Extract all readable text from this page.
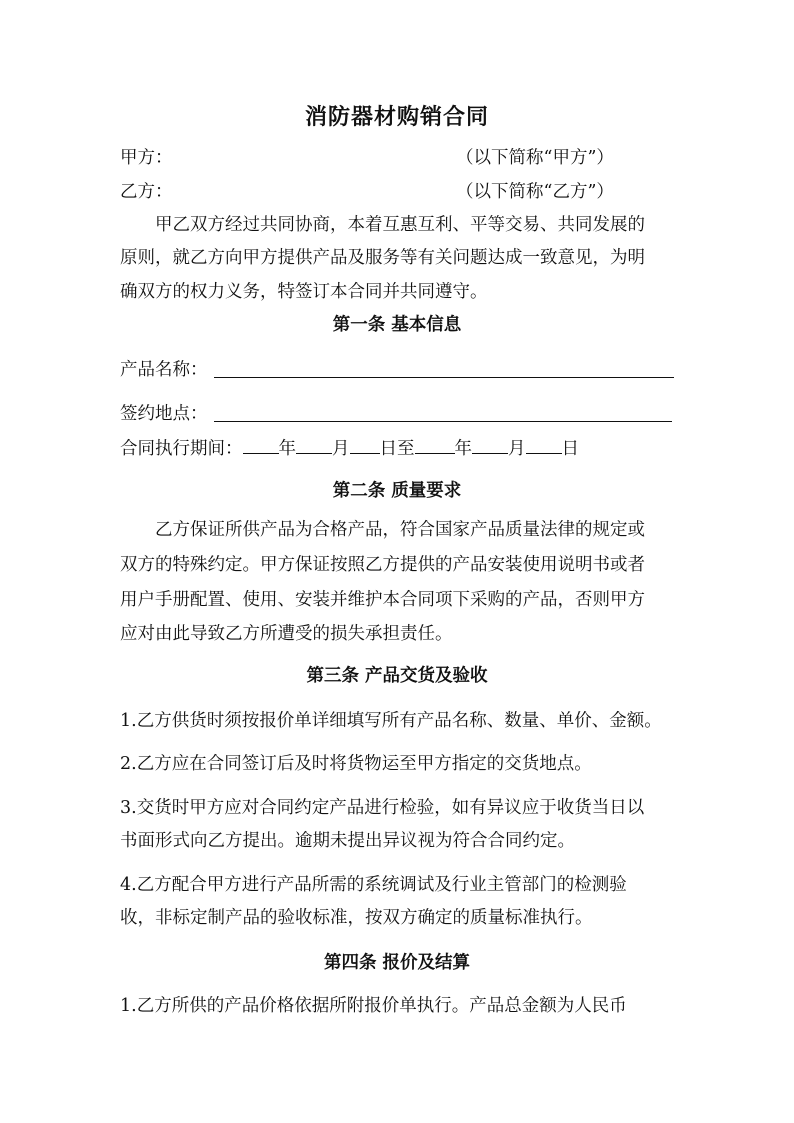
消防器材购销合同
甲方：	（以下简称“甲方”）
乙方：	（以下简称“乙方”）
甲乙双方经过共同协商，本着互惠互利、平等交易、共同发展的
原则，就乙方向甲方提供产品及服务等有关问题达成一致意见，为明
确双方的权力义务，特签订本合同并共同遵守。
第一条 基本信息
产品名称：
签约地点：
合同执行期间： 年 月 日至 年 月 日
第二条 质量要求
乙方保证所供产品为合格产品，符合国家产品质量法律的规定或
双方的特殊约定。甲方保证按照乙方提供的产品安装使用说明书或者
用户手册配置、使用、安装并维护本合同项下采购的产品，否则甲方
应对由此导致乙方所遭受的损失承担责任。
第三条 产品交货及验收
1.乙方供货时须按报价单详细填写所有产品名称、数量、单价、金额。
2.乙方应在合同签订后及时将货物运至甲方指定的交货地点。
3.交货时甲方应对合同约定产品进行检验，如有异议应于收货当日以
书面形式向乙方提出。逾期未提出异议视为符合合同约定。
4.乙方配合甲方进行产品所需的系统调试及行业主管部门的检测验
收，非标定制产品的验收标准，按双方确定的质量标准执行。
第四条 报价及结算
1.乙方所供的产品价格依据所附报价单执行。产品总金额为人民币
